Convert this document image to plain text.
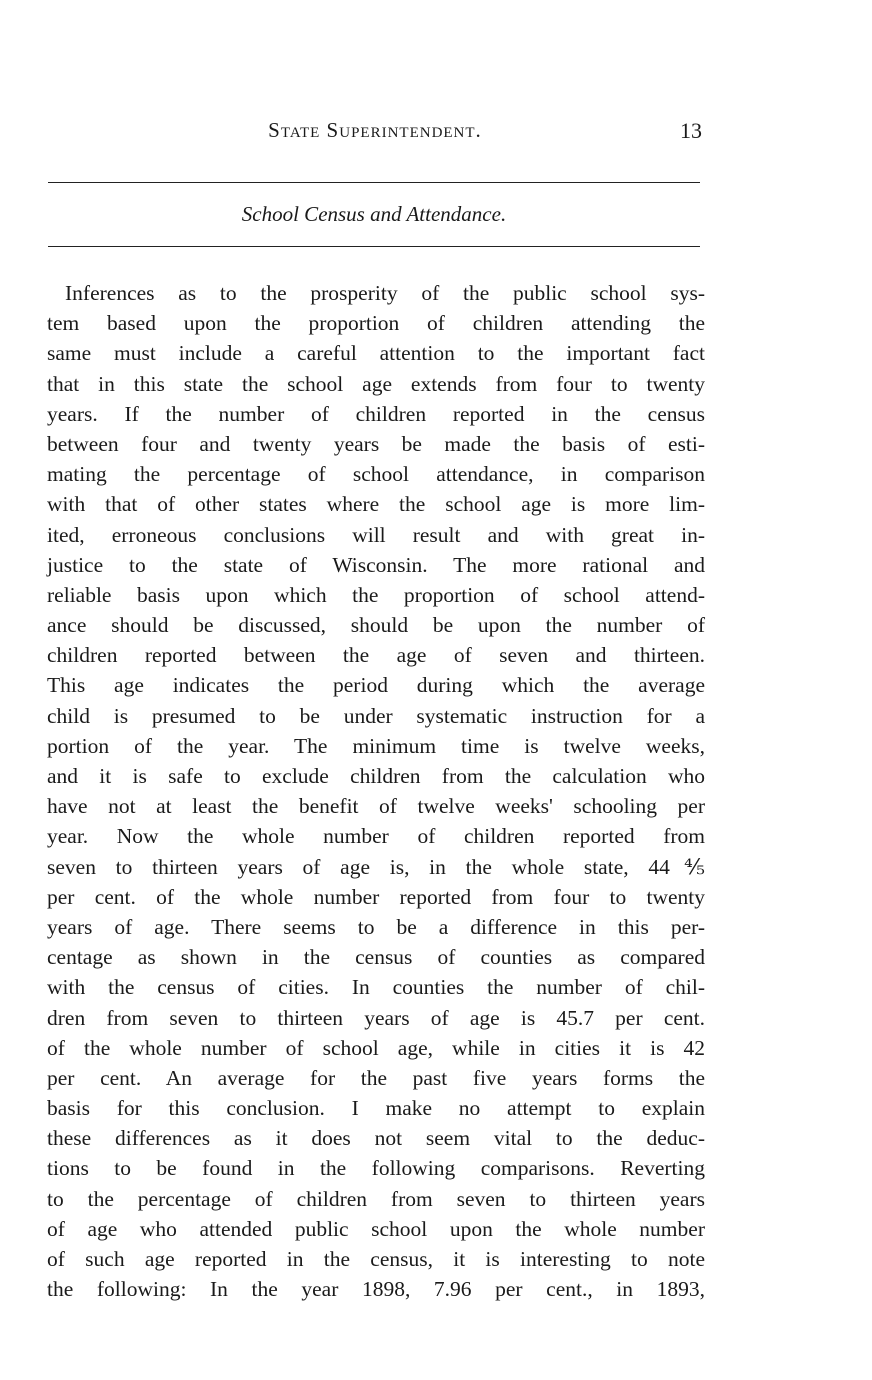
State Superintendent.	13
School Census and Attendance.
Inferences as to the prosperity of the public school sys-
tem based upon the proportion of children attending the
same must include a careful attention to the important fact
that in this state the school age extends from four to twenty
years. If the number of children reported in the census
between four and twenty years be made the basis of esti-
mating the percentage of school attendance, in comparison
with that of other states where the school age is more lim-
ited, erroneous conclusions will result and with great in-
justice to the state of Wisconsin. The more rational and
reliable basis upon which the proportion of school attend-
ance should be discussed, should be upon the number of
children reported between the age of seven and thirteen.
This age indicates the period during which the average
child is presumed to be under systematic instruction for a
portion of the year. The minimum time is twelve weeks,
and it is safe to exclude children from the calculation who
have not at least the benefit of twelve weeks' schooling per
year. Now the whole number of children reported from
seven to thirteen years of age is, in the whole state, 44⅘
per cent. of the whole number reported from four to twenty
years of age. There seems to be a difference in this per-
centage as shown in the census of counties as compared
with the census of cities. In counties the number of chil-
dren from seven to thirteen years of age is 45.7 per cent.
of the whole number of school age, while in cities it is 42
per cent. An average for the past five years forms the
basis for this conclusion. I make no attempt to explain
these differences as it does not seem vital to the deduc-
tions to be found in the following comparisons. Reverting
to the percentage of children from seven to thirteen years
of age who attended public school upon the whole number
of such age reported in the census, it is interesting to note
the following: In the year 1898, 7.96 per cent., in 1893,
